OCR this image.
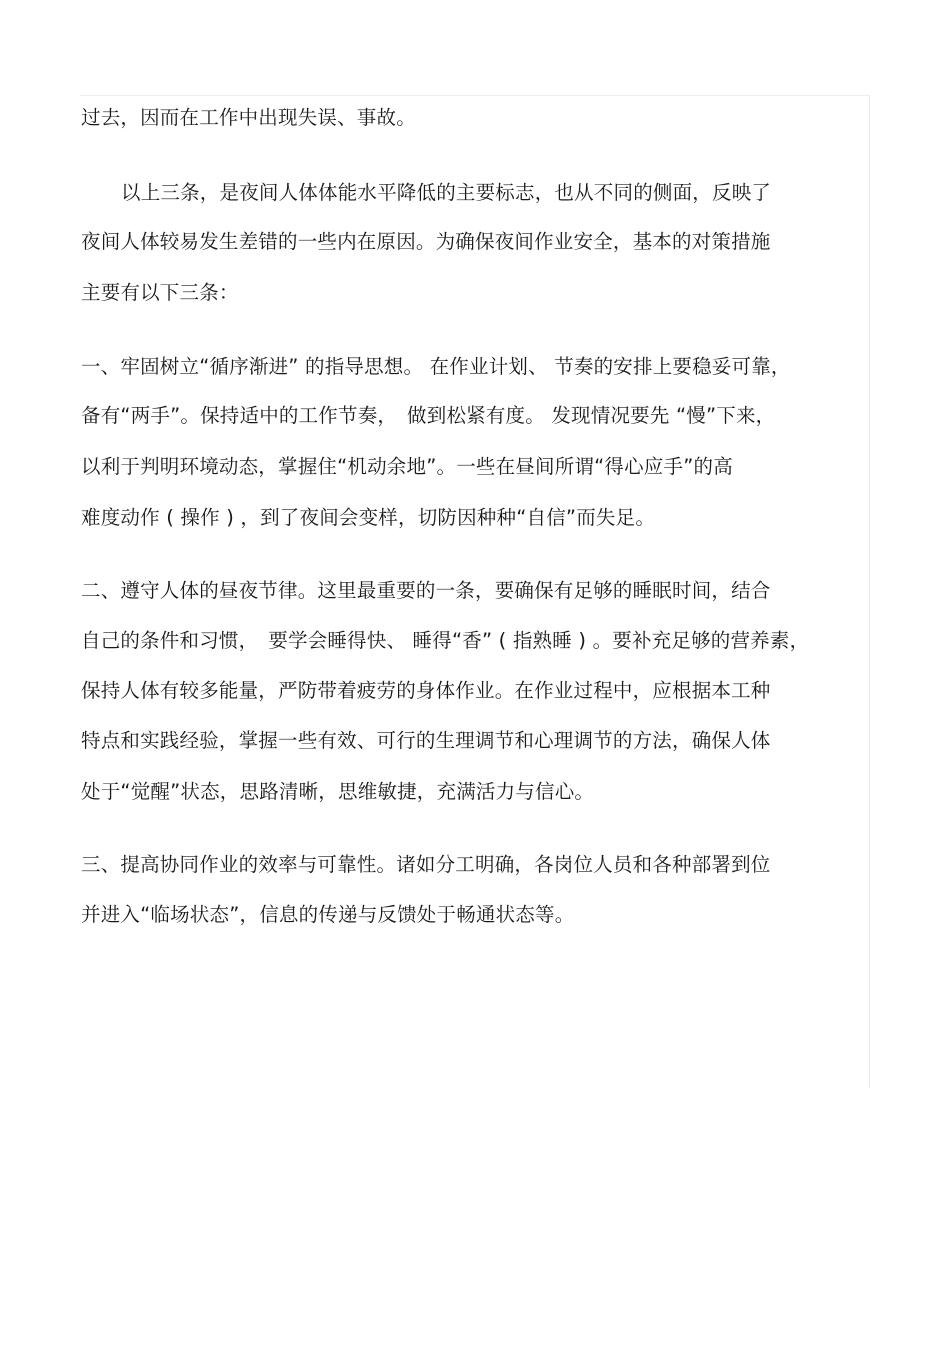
过去，因而在工作中出现失误、事故。
以上三条，是夜间人体体能水平降低的主要标志，也从不同的侧面，反映了
夜间人体较易发生差错的一些内在原因。为确保夜间作业安全，基本的对策措施
主要有以下三条：
一、牢固树立“循序渐进” 的指导思想。 在作业计划、 节奏的安排上要稳妥可靠，
备有“两手”。保持适中的工作节奏，　做到松紧有度。 发现情况要先 “慢”下来，
以利于判明环境动态，掌握住“机动余地”。一些在昼间所谓“得心应手”的高
难度动作 ( 操作 ) ，到了夜间会变样，切防因种种“自信”而失足。
二、遵守人体的昼夜节律。这里最重要的一条，要确保有足够的睡眠时间，结合
自己的条件和习惯，　要学会睡得快、 睡得“香” ( 指熟睡 ) 。要补充足够的营养素，
保持人体有较多能量，严防带着疲劳的身体作业。在作业过程中，应根据本工种
特点和实践经验，掌握一些有效、可行的生理调节和心理调节的方法，确保人体
处于“觉醒”状态，思路清晰，思维敏捷，充满活力与信心。
三、提高协同作业的效率与可靠性。诸如分工明确，各岗位人员和各种部署到位
并进入“临场状态”，信息的传递与反馈处于畅通状态等。
